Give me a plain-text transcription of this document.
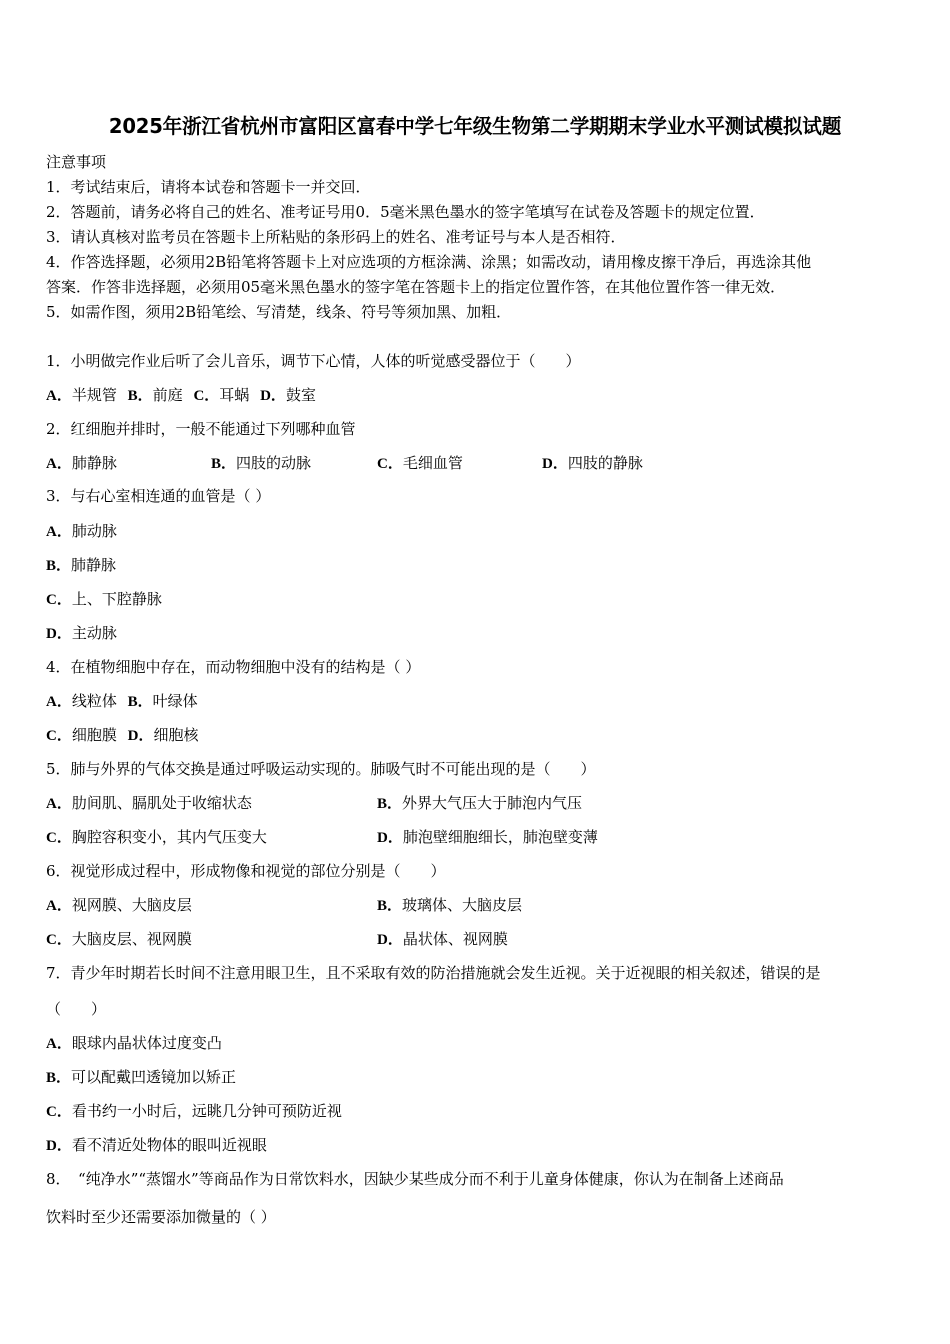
2025年浙江省杭州市富阳区富春中学七年级生物第二学期期末学业水平测试模拟试题
注意事项
1．考试结束后，请将本试卷和答题卡一并交回．
2．答题前，请务必将自己的姓名、准考证号用0．5毫米黑色墨水的签字笔填写在试卷及答题卡的规定位置．
3．请认真核对监考员在答题卡上所粘贴的条形码上的姓名、准考证号与本人是否相符．
4．作答选择题，必须用2B铅笔将答题卡上对应选项的方框涂满、涂黑；如需改动，请用橡皮擦干净后，再选涂其他
答案．作答非选择题，必须用05毫米黑色墨水的签字笔在答题卡上的指定位置作答，在其他位置作答一律无效．
5．如需作图，须用2B铅笔绘、写清楚，线条、符号等须加黑、加粗．
1．小明做完作业后听了会儿音乐，调节下心情，人体的听觉感受器位于（　　）
A．半规管 B．前庭 C．耳蜗 D．鼓室
2．红细胞并排时，一般不能通过下列哪种血管
A．肺静脉	B．四肢的动脉	C．毛细血管	D．四肢的静脉
3．与右心室相连通的血管是（ ）
A．肺动脉
B．肺静脉
C．上、下腔静脉
D．主动脉
4．在植物细胞中存在，而动物细胞中没有的结构是（ ）
A．线粒体 B．叶绿体
C．细胞膜 D．细胞核
5．肺与外界的气体交换是通过呼吸运动实现的。肺吸气时不可能出现的是（　　）
A．肋间肌、膈肌处于收缩状态	B．外界大气压大于肺泡内气压
C．胸腔容积变小，其内气压变大	D．肺泡壁细胞细长，肺泡壁变薄
6．视觉形成过程中，形成物像和视觉的部位分别是（　　）
A．视网膜、大脑皮层	B．玻璃体、大脑皮层
C．大脑皮层、视网膜	D．晶状体、视网膜
7．青少年时期若长时间不注意用眼卫生，且不采取有效的防治措施就会发生近视。关于近视眼的相关叙述，错误的是
（　　）
A．眼球内晶状体过度变凸
B．可以配戴凹透镜加以矫正
C．看书约一小时后，远眺几分钟可预防近视
D．看不清近处物体的眼叫近视眼
8．　“纯净水”“蒸馏水”等商品作为日常饮料水，因缺少某些成分而不利于儿童身体健康，你认为在制备上述商品
饮料时至少还需要添加微量的（ ）
